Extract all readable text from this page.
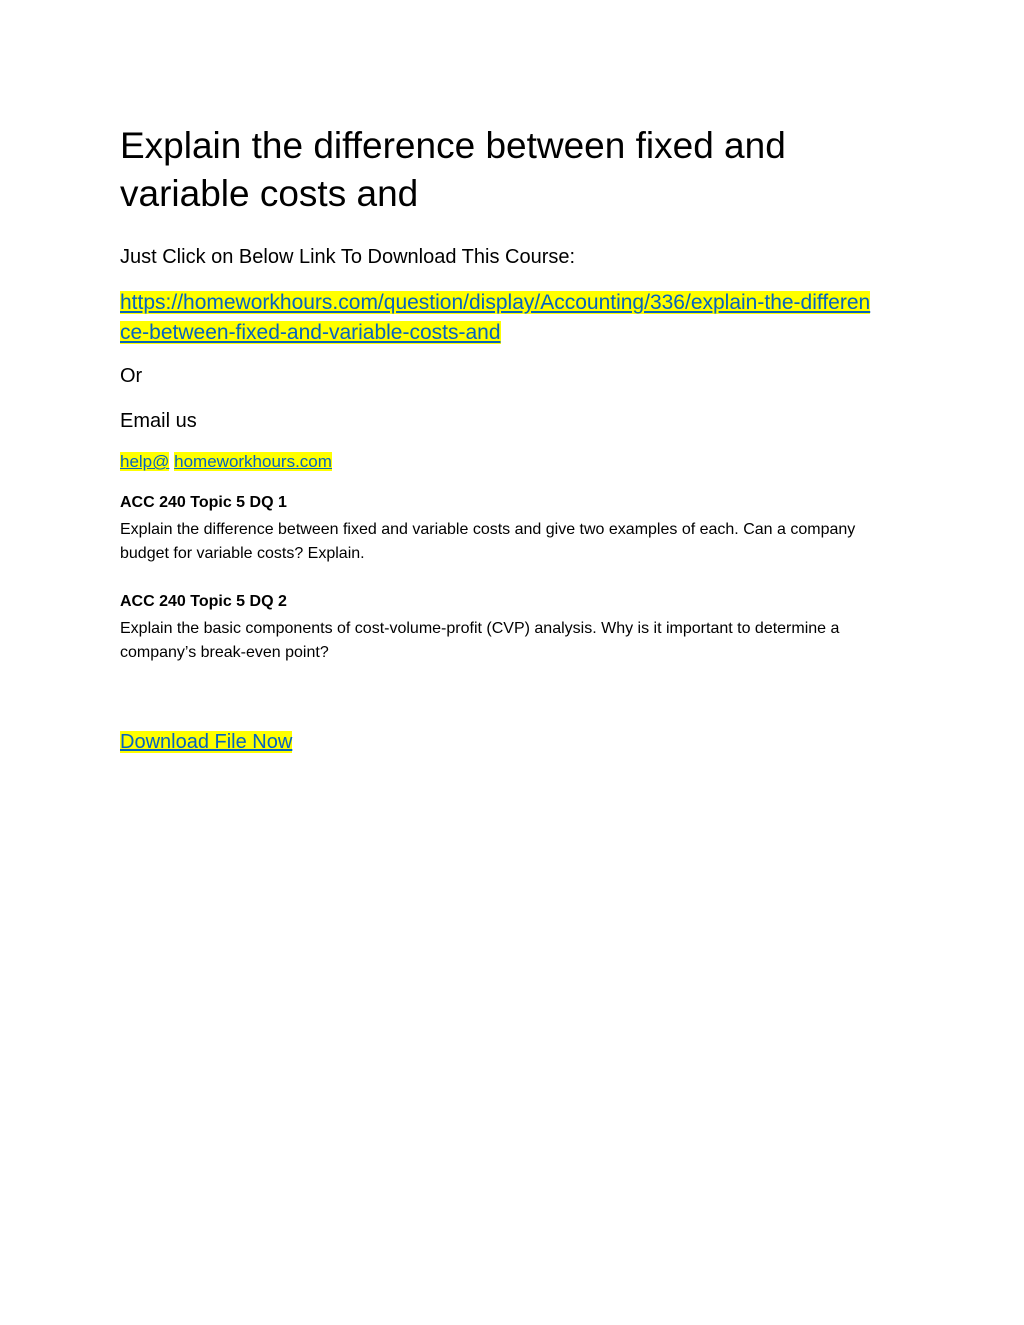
Explain the difference between fixed and variable costs and

Just Click on Below Link To Download This Course:

https://homeworkhours.com/question/display/Accounting/336/explain-the-difference-between-fixed-and-variable-costs-and

Or

Email us

help@ homeworkhours.com

ACC 240 Topic 5 DQ 1

Explain the difference between fixed and variable costs and give two examples of each. Can a company budget for variable costs? Explain.

ACC 240 Topic 5 DQ 2

Explain the basic components of cost-volume-profit (CVP) analysis. Why is it important to determine a company’s break-even point?

Download File Now
